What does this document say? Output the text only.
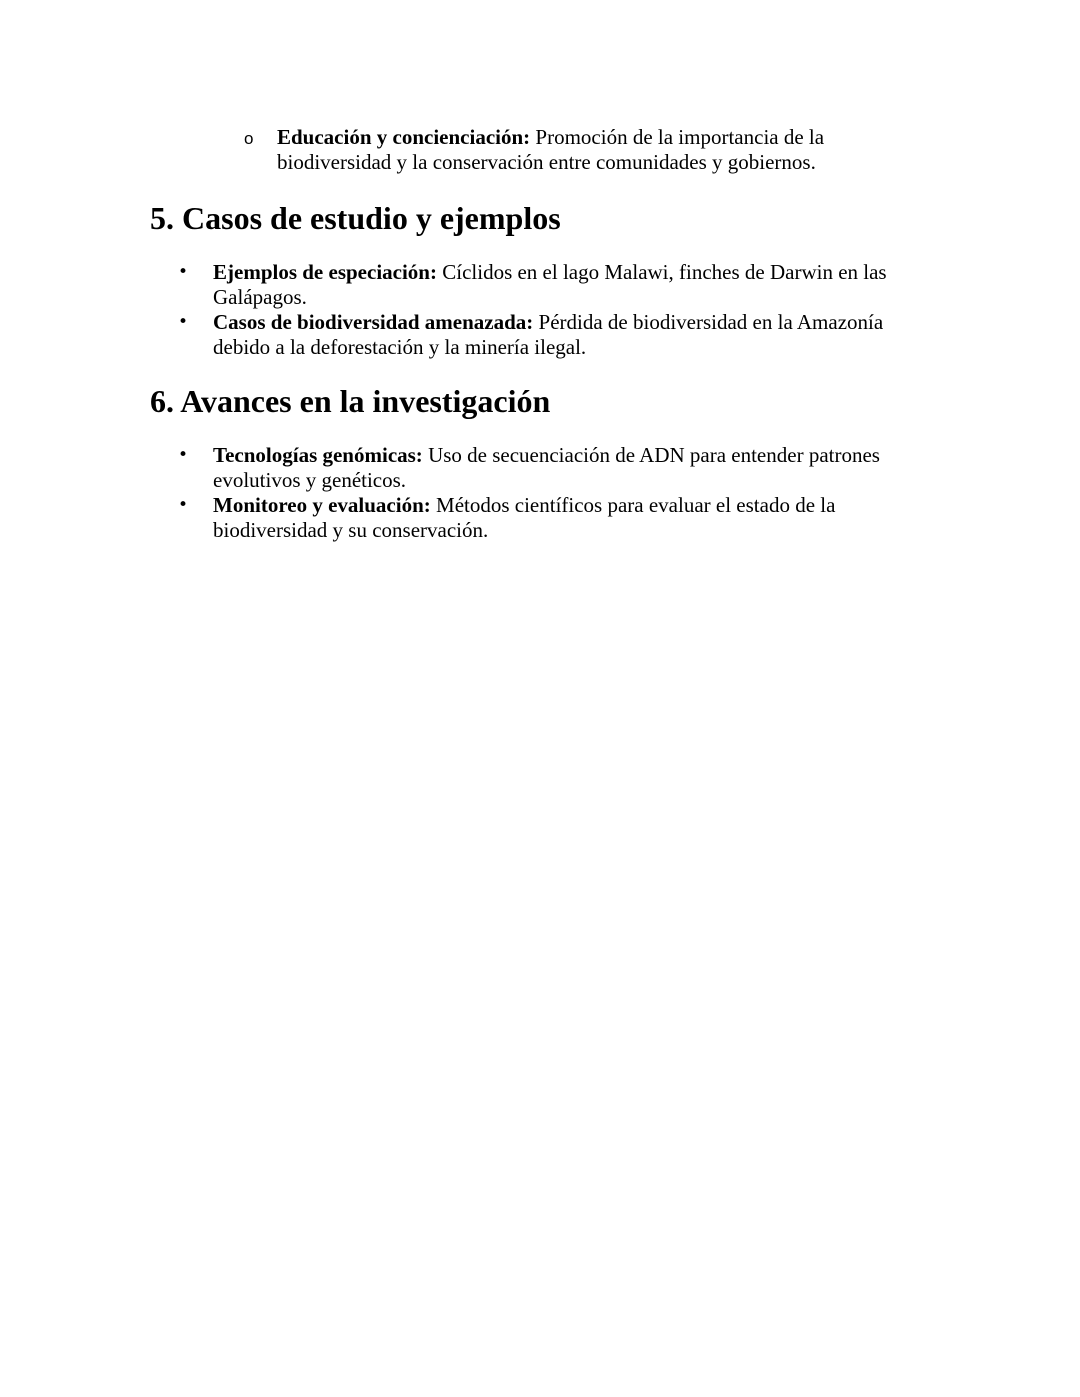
o Educación y concienciación: Promoción de la importancia de la biodiversidad y la conservación entre comunidades y gobiernos.
5. Casos de estudio y ejemplos
• Ejemplos de especiación: Cíclidos en el lago Malawi, finches de Darwin en las Galápagos.
• Casos de biodiversidad amenazada: Pérdida de biodiversidad en la Amazonía debido a la deforestación y la minería ilegal.
6. Avances en la investigación
• Tecnologías genómicas: Uso de secuenciación de ADN para entender patrones evolutivos y genéticos.
• Monitoreo y evaluación: Métodos científicos para evaluar el estado de la biodiversidad y su conservación.
